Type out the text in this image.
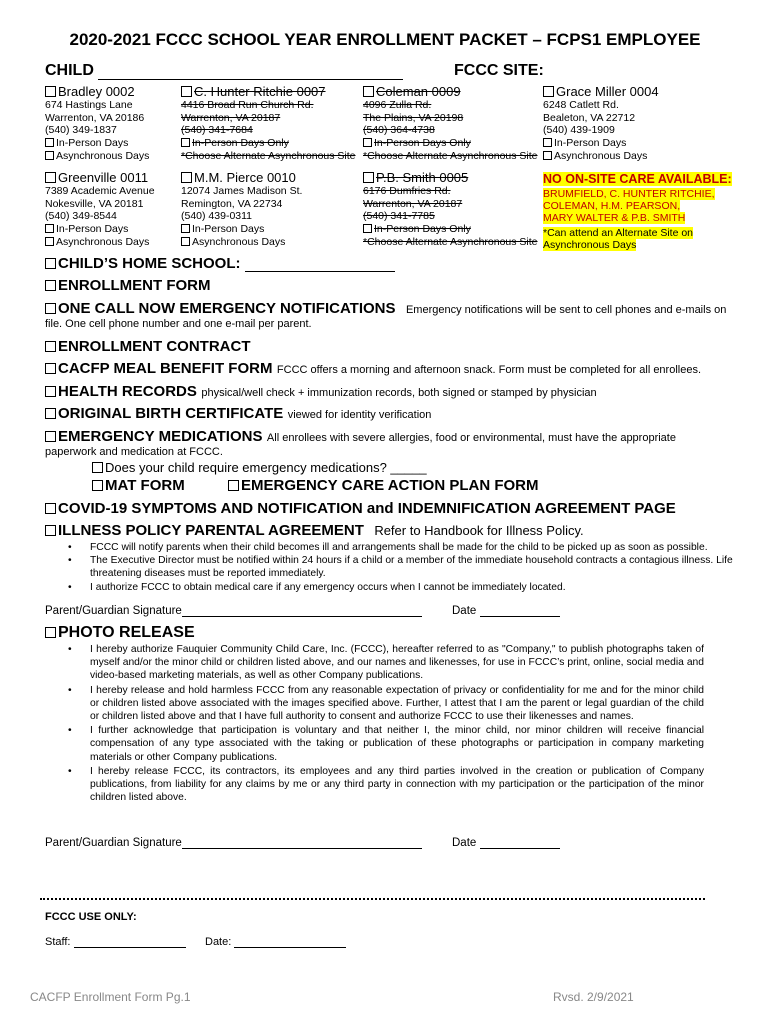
2020-2021 FCCC SCHOOL YEAR ENROLLMENT PACKET – FCPS1 EMPLOYEE
CHILD	FCCC SITE:
Bradley 0002
674 Hastings Lane
Warrenton, VA 20186
(540) 349-1837
In-Person Days
Asynchronous Days
C. Hunter Ritchie 0007
4416 Broad Run Church Rd.
Warrenton, VA 20187
(540) 341-7684
In-Person Days Only
*Choose Alternate Asynchronous Site
Coleman 0009
4096 Zulla Rd.
The Plains, VA 20198
(540) 364-4738
In-Person Days Only
*Choose Alternate Asynchronous Site
Grace Miller 0004
6248 Catlett Rd.
Bealeton, VA 22712
(540) 439-1909
In-Person Days
Asynchronous Days
Greenville 0011
7389 Academic Avenue
Nokesville, VA 20181
(540) 349-8544
In-Person Days
Asynchronous Days
M.M. Pierce 0010
12074 James Madison St.
Remington, VA 22734
(540) 439-0311
In-Person Days
Asynchronous Days
P.B. Smith 0005
6176 Dumfries Rd.
Warrenton, VA 20187
(540) 341-7785
In-Person Days Only
*Choose Alternate Asynchronous Site
NO ON-SITE CARE AVAILABLE:
BRUMFIELD, C. HUNTER RITCHIE,
COLEMAN, H.M. PEARSON,
MARY WALTER & P.B. SMITH
*Can attend an Alternate Site on
Asynchronous Days
CHILD’S HOME SCHOOL:
ENROLLMENT FORM
ONE CALL NOW EMERGENCY NOTIFICATIONS Emergency notifications will be sent to cell phones and e-mails on
file. One cell phone number and one e-mail per parent.
ENROLLMENT CONTRACT
CACFP MEAL BENEFIT FORM FCCC offers a morning and afternoon snack. Form must be completed for all enrollees.
HEALTH RECORDS physical/well check + immunization records, both signed or stamped by physician
ORIGINAL BIRTH CERTIFICATE viewed for identity verification
EMERGENCY MEDICATIONS All enrollees with severe allergies, food or environmental, must have the appropriate
paperwork and medication at FCCC.
Does your child require emergency medications? _____
MAT FORM	EMERGENCY CARE ACTION PLAN FORM
COVID-19 SYMPTOMS AND NOTIFICATION and INDEMNIFICATION AGREEMENT PAGE
ILLNESS POLICY PARENTAL AGREEMENT Refer to Handbook for Illness Policy.
• FCCC will notify parents when their child becomes ill and arrangements shall be made for the child to be picked up as soon as possible.
• The Executive Director must be notified within 24 hours if a child or a member of the immediate household contracts a contagious illness. Life threatening diseases must be reported immediately.
• I authorize FCCC to obtain medical care if any emergency occurs when I cannot be immediately located.
Parent/Guardian Signature	Date
PHOTO RELEASE
• I hereby authorize Fauquier Community Child Care, Inc. (FCCC), hereafter referred to as "Company," to publish photographs taken of myself and/or the minor child or children listed above, and our names and likenesses, for use in FCCC’s print, online, social media and video-based marketing materials, as well as other Company publications.
• I hereby release and hold harmless FCCC from any reasonable expectation of privacy or confidentiality for me and for the minor child or children listed above associated with the images specified above. Further, I attest that I am the parent or legal guardian of the child or children listed above and that I have full authority to consent and authorize FCCC to use their likenesses and names.
• I further acknowledge that participation is voluntary and that neither I, the minor child, nor minor children will receive financial compensation of any type associated with the taking or publication of these photographs or participation in company marketing materials or other Company publications.
• I hereby release FCCC, its contractors, its employees and any third parties involved in the creation or publication of Company publications, from liability for any claims by me or any third party in connection with my participation or the participation of the minor children listed above.
Parent/Guardian Signature	Date
FCCC USE ONLY:
Staff:	Date:
CACFP Enrollment Form Pg.1	Rvsd. 2/9/2021
